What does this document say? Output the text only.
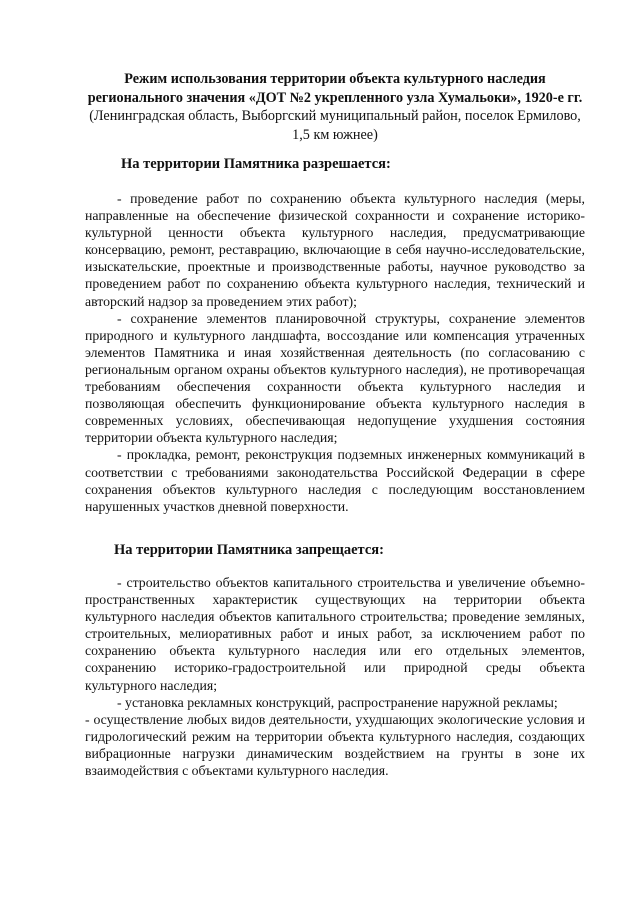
Режим использования территории объекта культурного наследия регионального значения «ДОТ №2 укрепленного узла Хумальоки», 1920-е гг.
(Ленинградская область, Выборгский муниципальный район, поселок Ермилово, 1,5 км южнее)
На территории Памятника разрешается:

- проведение работ по сохранению объекта культурного наследия (меры, направленные на обеспечение физической сохранности и сохранение историко-культурной ценности объекта культурного наследия, предусматривающие консервацию, ремонт, реставрацию, включающие в себя научно-исследовательские, изыскательские, проектные и производственные работы, научное руководство за проведением работ по сохранению объекта культурного наследия, технический и авторский надзор за проведением этих работ);

- сохранение элементов планировочной структуры, сохранение элементов природного и культурного ландшафта, воссоздание или компенсация утраченных элементов Памятника и иная хозяйственная деятельность (по согласованию с региональным органом охраны объектов культурного наследия), не противоречащая требованиям обеспечения сохранности объекта культурного наследия и позволяющая обеспечить функционирование объекта культурного наследия в современных условиях, обеспечивающая недопущение ухудшения состояния территории объекта культурного наследия;

- прокладка, ремонт, реконструкция подземных инженерных коммуникаций в соответствии с требованиями законодательства Российской Федерации в сфере сохранения объектов культурного наследия с последующим восстановлением нарушенных участков дневной поверхности.

На территории Памятника запрещается:

- строительство объектов капитального строительства и увеличение объемно-пространственных характеристик существующих на территории объекта культурного наследия объектов капитального строительства; проведение земляных, строительных, мелиоративных работ и иных работ, за исключением работ по сохранению объекта культурного наследия или его отдельных элементов, сохранению историко-градостроительной или природной среды объекта культурного наследия;

- установка рекламных конструкций, распространение наружной рекламы;

- осуществление любых видов деятельности, ухудшающих экологические условия и гидрологический режим на территории объекта культурного наследия, создающих вибрационные нагрузки динамическим воздействием на грунты в зоне их взаимодействия с объектами культурного наследия.
